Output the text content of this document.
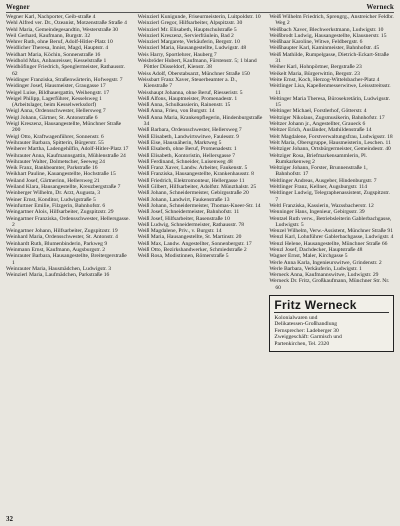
Wegner	Werneck
Wegner Karl, Nachporter, Geib-straße 4
Wehl Alfred ver. Dr., Ozeanist, Motzenstraße Straße 4
Wehl Maria, Gemeindegesandtin, Westerstraße 30
Weil Gerhard, Kaufmann, Burgstr. 32
Wehrer Ruth, ohne Beruf, Adolf-Hitler-Platz 10
Weidlicher Theresa, Innist, Magd, Hauptstr. 4
Weidhart Maria, Köchin, Sonnenstraße 16
Weidhold Max, Anbaureisser, Kesselstraße 1
Weidhöfinger Friedrich, Spenglermeister, Rathausstr. 62
Weidinger Franziska, Straßenwärterin, Hofwegstr. 7
Weidinger Josef, Hausmeister, Graugasse 17
Weigel Luise, Bildhauergattin, Weihengstr. 17
Weigel Philipp, Lagerführer, Kesselsweg 1 (Arbeitslager, beim Kesselwerksdorf)
Weigl Anna, Ordensschwester, Hellersweg 7
Weigl Johann, Gärtner, St. Antonstraße 6
Weigl Kreszenz, Hausangestellte, Münchner Straße 200
Weigl Otto, Kraftwagenführer, Sonnenstr. 6
Weihrauter Barbara, Spitterin, Bürgerstr. 55
Weiherer Martha, Ladengehilfin, Adolf-Hitler-Platz 17
Weihrauter Anna, Kaufmannsgattin, Mühlenstraße 24
Weihrauter Walter, Dolmetscher, Seeweg 24
Weik Franz, Bankbeamter, Parkstraße 16
Weikhart Pauline, Kauangestellte, Hochstraße 15
Weiland Josef, Gärtnerinn, Hellersweg 21
Weiland Klara, Hausangestellte, Kreuzbergstraße 7
Weinberger Wilhelm, Dr. Arzt, Augusta, 3
Weiner Ernst, Konditor, Ludwigstraße 5
Weinfurtner Emilie, Filzgerin, Bahnhofstr. 6
Weingartner Alois, Hilfsarbeiter, Zugspitzstr. 29
Weingartner Franziska, Ordensschwester, Hellersgasse. 2
Weingartner Johann, Hilfsarbeiter, Zugspitzstr. 19
Weinhard Maria, Ordensschwester, St. Antonstr. 4
Weinhardt Ruth, Blumenbinderin, Parkweg 9
Weinmann Ernst, Kaufmann, Augsburgstr. 2
Weinrauter Barbara, Hausangestellte, Breitergerstraße 1
Weinrauter Maria, Hausmädchen, Ludwigstr. 3
Weinzierl Maria, Laufmädchen, Parkstraße 16
Weinzierl Kunigunde, Friseurmeisterin, Luitpoldstr. 10
Weinzierl Gregor, Hilfsarbeiter, Alpspitzstr. 30
Weinzierl Mr. Elisabeth, Hauptschulstraße 5
Weinzierl Kreszenz, Servierfräulein, Bad 2
Weinzierl Margarete, Verkäuferin, Bergstr. 10
Weinzierl Maria, Hausangestellte, Ludwigstr. 48
Weis Harry, Sportlehrer, Hauberg 7
Weisbröder Hubert, Kaufmann, Fürstenstr. 5; 1 bland Pöttler Düsseldorf, Kienstr. 38
Weiss Adolf, Oberstabsarzt, Münchner Straße 150
Weissbart Franz Xaver, Steuerbeamter a. D., Kienstraße 7
Weisshaupt Johanna, ohne Beruf, Riesseristr. 5
Weiß Alfons, Hauptmeister, Promenadestr. 1
Weiß Anna, Schulkassierin, Rainenstr. 15
Weiß Anna, Frieu, von Burgstr. 14
Weiß Anna Maria, Krankenpflegerin, Hindenburgstraße 34
Weiß Barbara, Ordensschwester, Hellersweg 7
Weiß Elisabeth, Landwirtswitwe, Faulesstr. 9
Weiß Eise, Hausnäherin, Marktweg 5
Weiß Elsabeth, ohne Beruf, Promenadestr. 1
Weiß Elisabeth, Kontoristin, Hellersgasse 7
Weiß Ferdinand, Schneider, Luisenweg 48
Weiß Franz Xaver, Landw. Arbeiter, Faukenstr. 5
Weiß Franziska, Hausangestellte, Krankenhausstr. 8
Weiß Friedrich, Elektromonteur, Hellergasse 11
Weiß Gilbert, Hilfsarbeiter, Adolfstr. Münzthalstr. 25
Weiß Johann, Schneidermeister, Gebirgsstraße 20
Weiß Johann, Landwirt, Faukenstraße 13
Weiß Johann, Schneidermeister, Thomas-Kneer-Str. 14
Weiß Josef, Schneidermeister, Bahnhofstr. 11
Weiß Josef, Hilfsarbeiter, Rasenstraße 10
Weiß Ludwig, Schneidermeister, Rathausstr. 78
Weiß Magdalene, Priv., v. Burgstr. 14
Weiß Maria, Hausangestellte, St. Martinstr. 20
Weiß Max, Landw. Angestellter, Sonnenbergstr. 17
Weiß Otto, Bezirkshandwerker, Schmiedstraße 2
Weiß Rosa, Modistinnen, Römerstraße 5
Weiß Wilhelm Friedrich, Sprengrg., Anstreicher Feldbr. Weg 2
Weißbach Xaver, Blechwerkstmann, Ludwigstr. 10
Weißbrodt Ludwig, Hausangestellte, Klausnerstr. 15
Weißhaar Karoline, Witwe, Feldbergstr. 6
Weißhaupter Karl, Kaminmeister, Bahnhofstr. 45
Weiß Mathilde, Rumpelgasse, Dietrich-Eckart-Straße 31
Weiher Karl, Hohnpörtner, Bergstraße 23
Weikelt Maria, Bürgerwittin, Bergstr. 23
Weite Ernst, Koch, Herzog-Wittelsbacher-Platz 4
Weitlinger Lisa, Kapellenmesserwitwe, Leissstreitsstr. 11
Weltinger Maria Theresa, Bürosekretärin, Ludwigsstr. 15
Weltinger Michael, Forstlerhof, Götterstr. 4
Weltziger Nikolaus, Zugsmusikerin, Bahnhofstr. 17
Weltzer Johann jr., Angestellter, Graueck 6
Weltzer Erich, Ausländer, Mathildenstraße 14
Welt Magdalene, Forstverwaltungsfrau, Ludwigsstr. 18
Welt Maria, Obersgruppe, Hausmeisterin, Leschen. 11
Weltziger Johann, Ortsbürgermeister, Gemeindestr. 40
Weltziger Rosa, Briefmarkensammlerin, Pl. Rumkarkenweg 2
Weltziger Johann, Forster, Brunnenstraße 1, Bahnhofstr. 17
Weltlinger Andreas, Ausgeber, Hindenburgstr. 7
Weltlinger Franz, Kellner, Augsburgstr. 114
Weltlinger Ludwig, Telegraphenassistent, Zugspitzstr. 7
Weltl Franziska, Kassierin, Wazssbacherstr. 12
Wenninger Hans, Ingenieur, Gebirgsstr. 39
Wentzel Ruth verw., Betriebsleiterin Gablerbachgasse, Ludwigstr. 5
Wenzel Wilhelm, Verw.-Assistent, Münchner Straße 91
Wenzl Karl, Lohnführer Gablerbachgasse, Ludwigstr. 4
Wenzl Helene, Hausangestellte, Münchner Straße 66
Wenzl Josef, Dachdecker, Hauptstraße 48
Wagner Ernst, Maler, Kirchgasse 5
Werle Anna Karla, Ingenieurswitwe, Grindenstr. 2
Werle Barbara, Verkäuferin, Ludwigstr. 1
Werneck Anna, Kaufmannswitwe, Ludwigstr. 29
Werneck Dr. Fritz, Großkaufmann, Münchner Str. Nr. 60
Fritz Werneck
Kolonialwaren und
Delikatessen-Großhandlung
Fernsprecher: Ladeberger 30
Zweiggeschäft: Garmisch und
Partenkirchen, Tel. 2320
32
